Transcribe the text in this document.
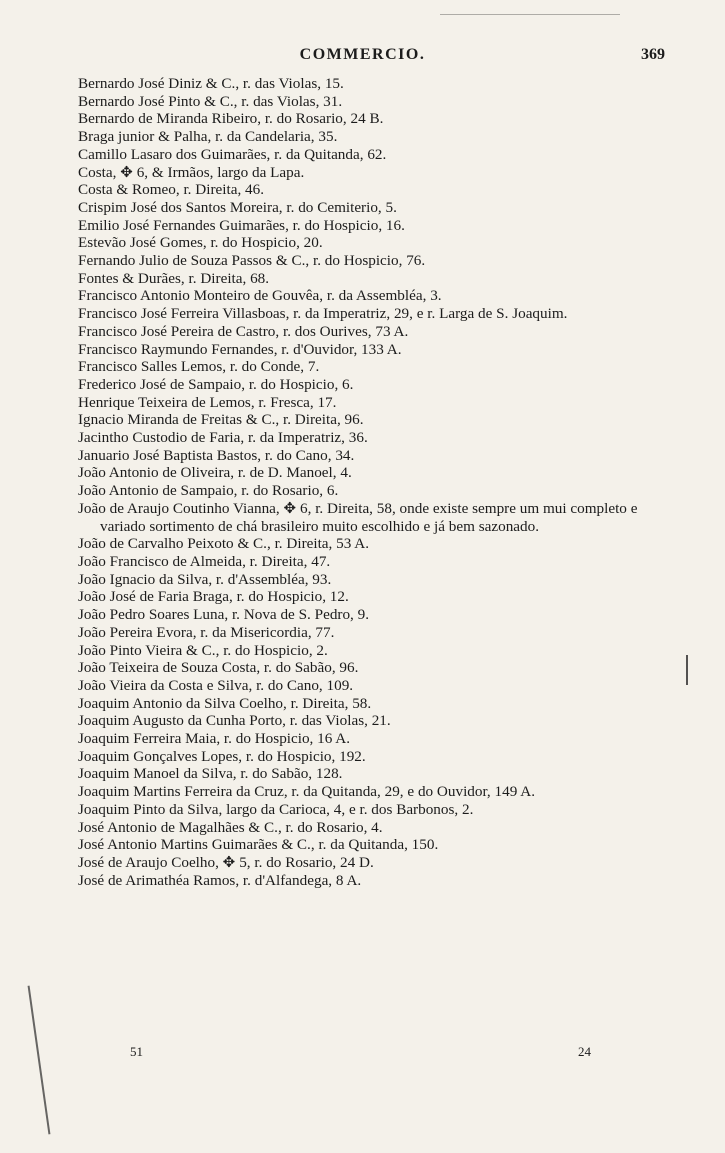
COMMERCIO.	369
Bernardo José Diniz & C., r. das Violas, 15.
Bernardo José Pinto & C., r. das Violas, 31.
Bernardo de Miranda Ribeiro, r. do Rosario, 24 B.
Braga junior & Palha, r. da Candelaria, 35.
Camillo Lasaro dos Guimarães, r. da Quitanda, 62.
Costa, ✥ 6, & Irmãos, largo da Lapa.
Costa & Romeo, r. Direita, 46.
Crispim José dos Santos Moreira, r. do Cemiterio, 5.
Emilio José Fernandes Guimarães, r. do Hospicio, 16.
Estevão José Gomes, r. do Hospicio, 20.
Fernando Julio de Souza Passos & C., r. do Hospicio, 76.
Fontes & Durães, r. Direita, 68.
Francisco Antonio Monteiro de Gouvêa, r. da Assembléa, 3.
Francisco José Ferreira Villasboas, r. da Imperatriz, 29, e r. Larga de S. Joaquim.
Francisco José Pereira de Castro, r. dos Ourives, 73 A.
Francisco Raymundo Fernandes, r. d'Ouvidor, 133 A.
Francisco Salles Lemos, r. do Conde, 7.
Frederico José de Sampaio, r. do Hospicio, 6.
Henrique Teixeira de Lemos, r. Fresca, 17.
Ignacio Miranda de Freitas & C., r. Direita, 96.
Jacintho Custodio de Faria, r. da Imperatriz, 36.
Januario José Baptista Bastos, r. do Cano, 34.
João Antonio de Oliveira, r. de D. Manoel, 4.
João Antonio de Sampaio, r. do Rosario, 6.
João de Araujo Coutinho Vianna, ✥ 6, r. Direita, 58, onde existe sempre um mui completo e variado sortimento de chá brasileiro muito escolhido e já bem sazonado.
João de Carvalho Peixoto & C., r. Direita, 53 A.
João Francisco de Almeida, r. Direita, 47.
João Ignacio da Silva, r. d'Assembléa, 93.
João José de Faria Braga, r. do Hospicio, 12.
João Pedro Soares Luna, r. Nova de S. Pedro, 9.
João Pereira Evora, r. da Misericordia, 77.
João Pinto Vieira & C., r. do Hospicio, 2.
João Teixeira de Souza Costa, r. do Sabão, 96.
João Vieira da Costa e Silva, r. do Cano, 109.
Joaquim Antonio da Silva Coelho, r. Direita, 58.
Joaquim Augusto da Cunha Porto, r. das Violas, 21.
Joaquim Ferreira Maia, r. do Hospicio, 16 A.
Joaquim Gonçalves Lopes, r. do Hospicio, 192.
Joaquim Manoel da Silva, r. do Sabão, 128.
Joaquim Martins Ferreira da Cruz, r. da Quitanda, 29, e do Ouvidor, 149 A.
Joaquim Pinto da Silva, largo da Carioca, 4, e r. dos Barbonos, 2.
José Antonio de Magalhães & C., r. do Rosario, 4.
José Antonio Martins Guimarães & C., r. da Quitanda, 150.
José de Araujo Coelho, ✥ 5, r. do Rosario, 24 D.
José de Arimathéa Ramos, r. d'Alfandega, 8 A.
51	24
